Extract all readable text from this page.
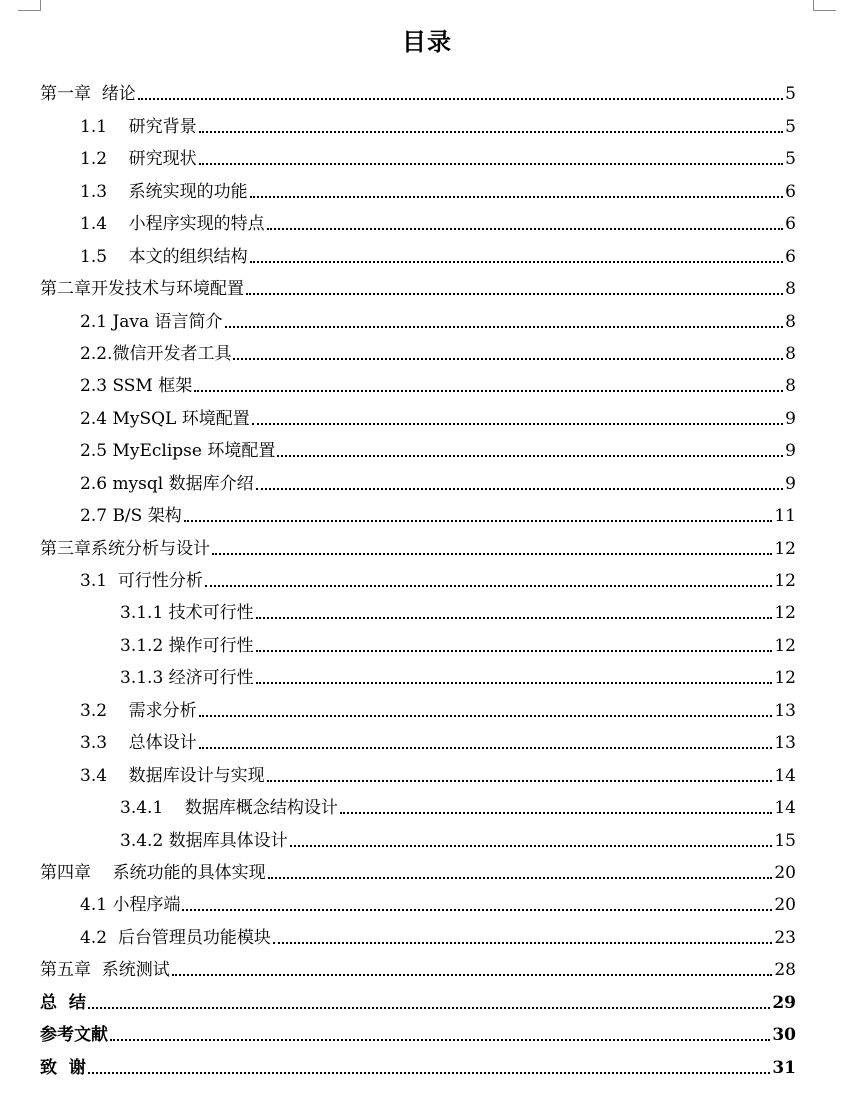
目录
第一章  绪论	5
1.1    研究背景	5
1.2    研究现状	5
1.3    系统实现的功能	6
1.4    小程序实现的特点	6
1.5    本文的组织结构	6
第二章开发技术与环境配置	8
2.1 Java 语言简介	8
2.2.微信开发者工具	8
2.3 SSM 框架	8
2.4 MySQL 环境配置	9
2.5 MyEclipse 环境配置	9
2.6 mysql 数据库介绍	9
2.7 B/S 架构	11
第三章系统分析与设计	12
3.1  可行性分析	12
3.1.1 技术可行性	12
3.1.2 操作可行性	12
3.1.3 经济可行性	12
3.2    需求分析	13
3.3    总体设计	13
3.4    数据库设计与实现	14
3.4.1    数据库概念结构设计	14
3.4.2 数据库具体设计	15
第四章    系统功能的具体实现	20
4.1 小程序端	20
4.2  后台管理员功能模块	23
第五章  系统测试	28
总  结	29
参考文献	30
致  谢	31
